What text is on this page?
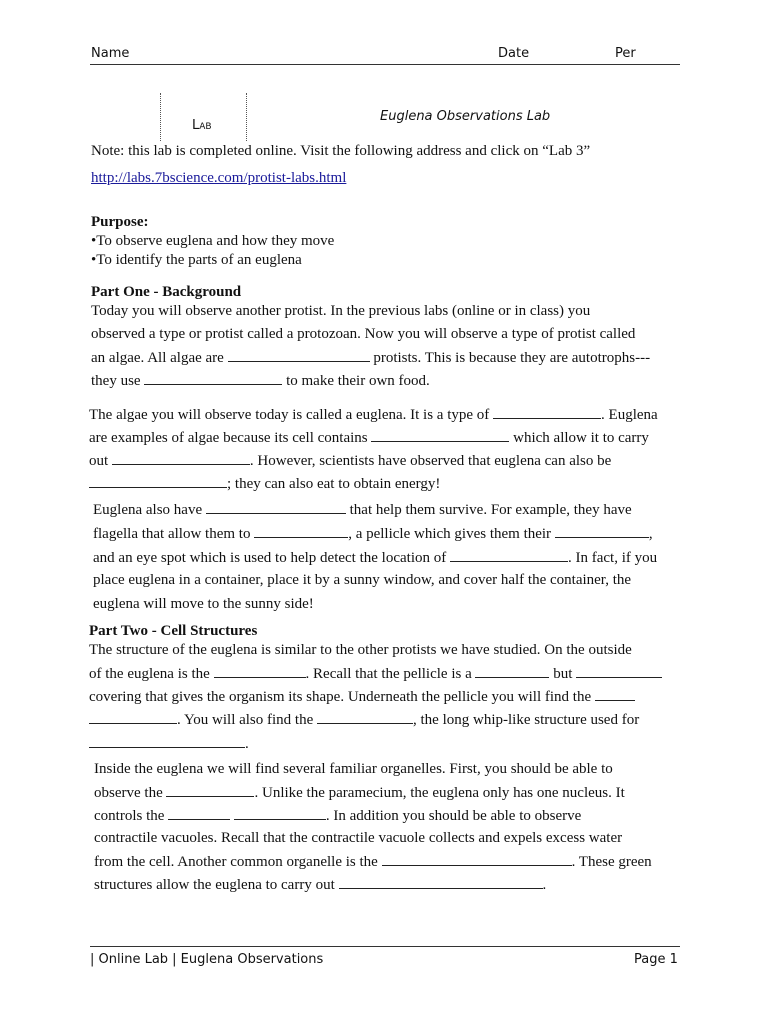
Name	Date	Per
Lab
Euglena Observations Lab
Note: this lab is completed online. Visit the following address and click on “Lab 3”
http://labs.7bscience.com/protist-labs.html
Purpose:
•To observe euglena and how they move
•To identify the parts of an euglena
Part One - Background
Today you will observe another protist. In the previous labs (online or in class) you
observed a type or protist called a protozoan. Now you will observe a type of protist called
an algae. All algae are	protists. This is because they are autotrophs---
they use	to make their own food.
The algae you will observe today is called a euglena. It is a type of	. Euglena
are examples of algae because its cell contains	which allow it to carry
out	. However, scientists have observed that euglena can also be
; they can also eat to obtain energy!
Euglena also have	that help them survive. For example, they have
flagella that allow them to	, a pellicle which gives them their	,
and an eye spot which is used to help detect the location of	. In fact, if you
place euglena in a container, place it by a sunny window, and cover half the container, the
euglena will move to the sunny side!
Part Two - Cell Structures
The structure of the euglena is similar to the other protists we have studied. On the outside
of the euglena is the	. Recall that the pellicle is a	but
covering that gives the organism its shape. Underneath the pellicle you will find the
. You will also find the	, the long whip-like structure used for
.
Inside the euglena we will find several familiar organelles. First, you should be able to
observe the	. Unlike the paramecium, the euglena only has one nucleus. It
controls the	. In addition you should be able to observe
contractile vacuoles. Recall that the contractile vacuole collects and expels excess water
from the cell. Another common organelle is the	. These green
structures allow the euglena to carry out	.
| Online Lab | Euglena Observations	Page 1
